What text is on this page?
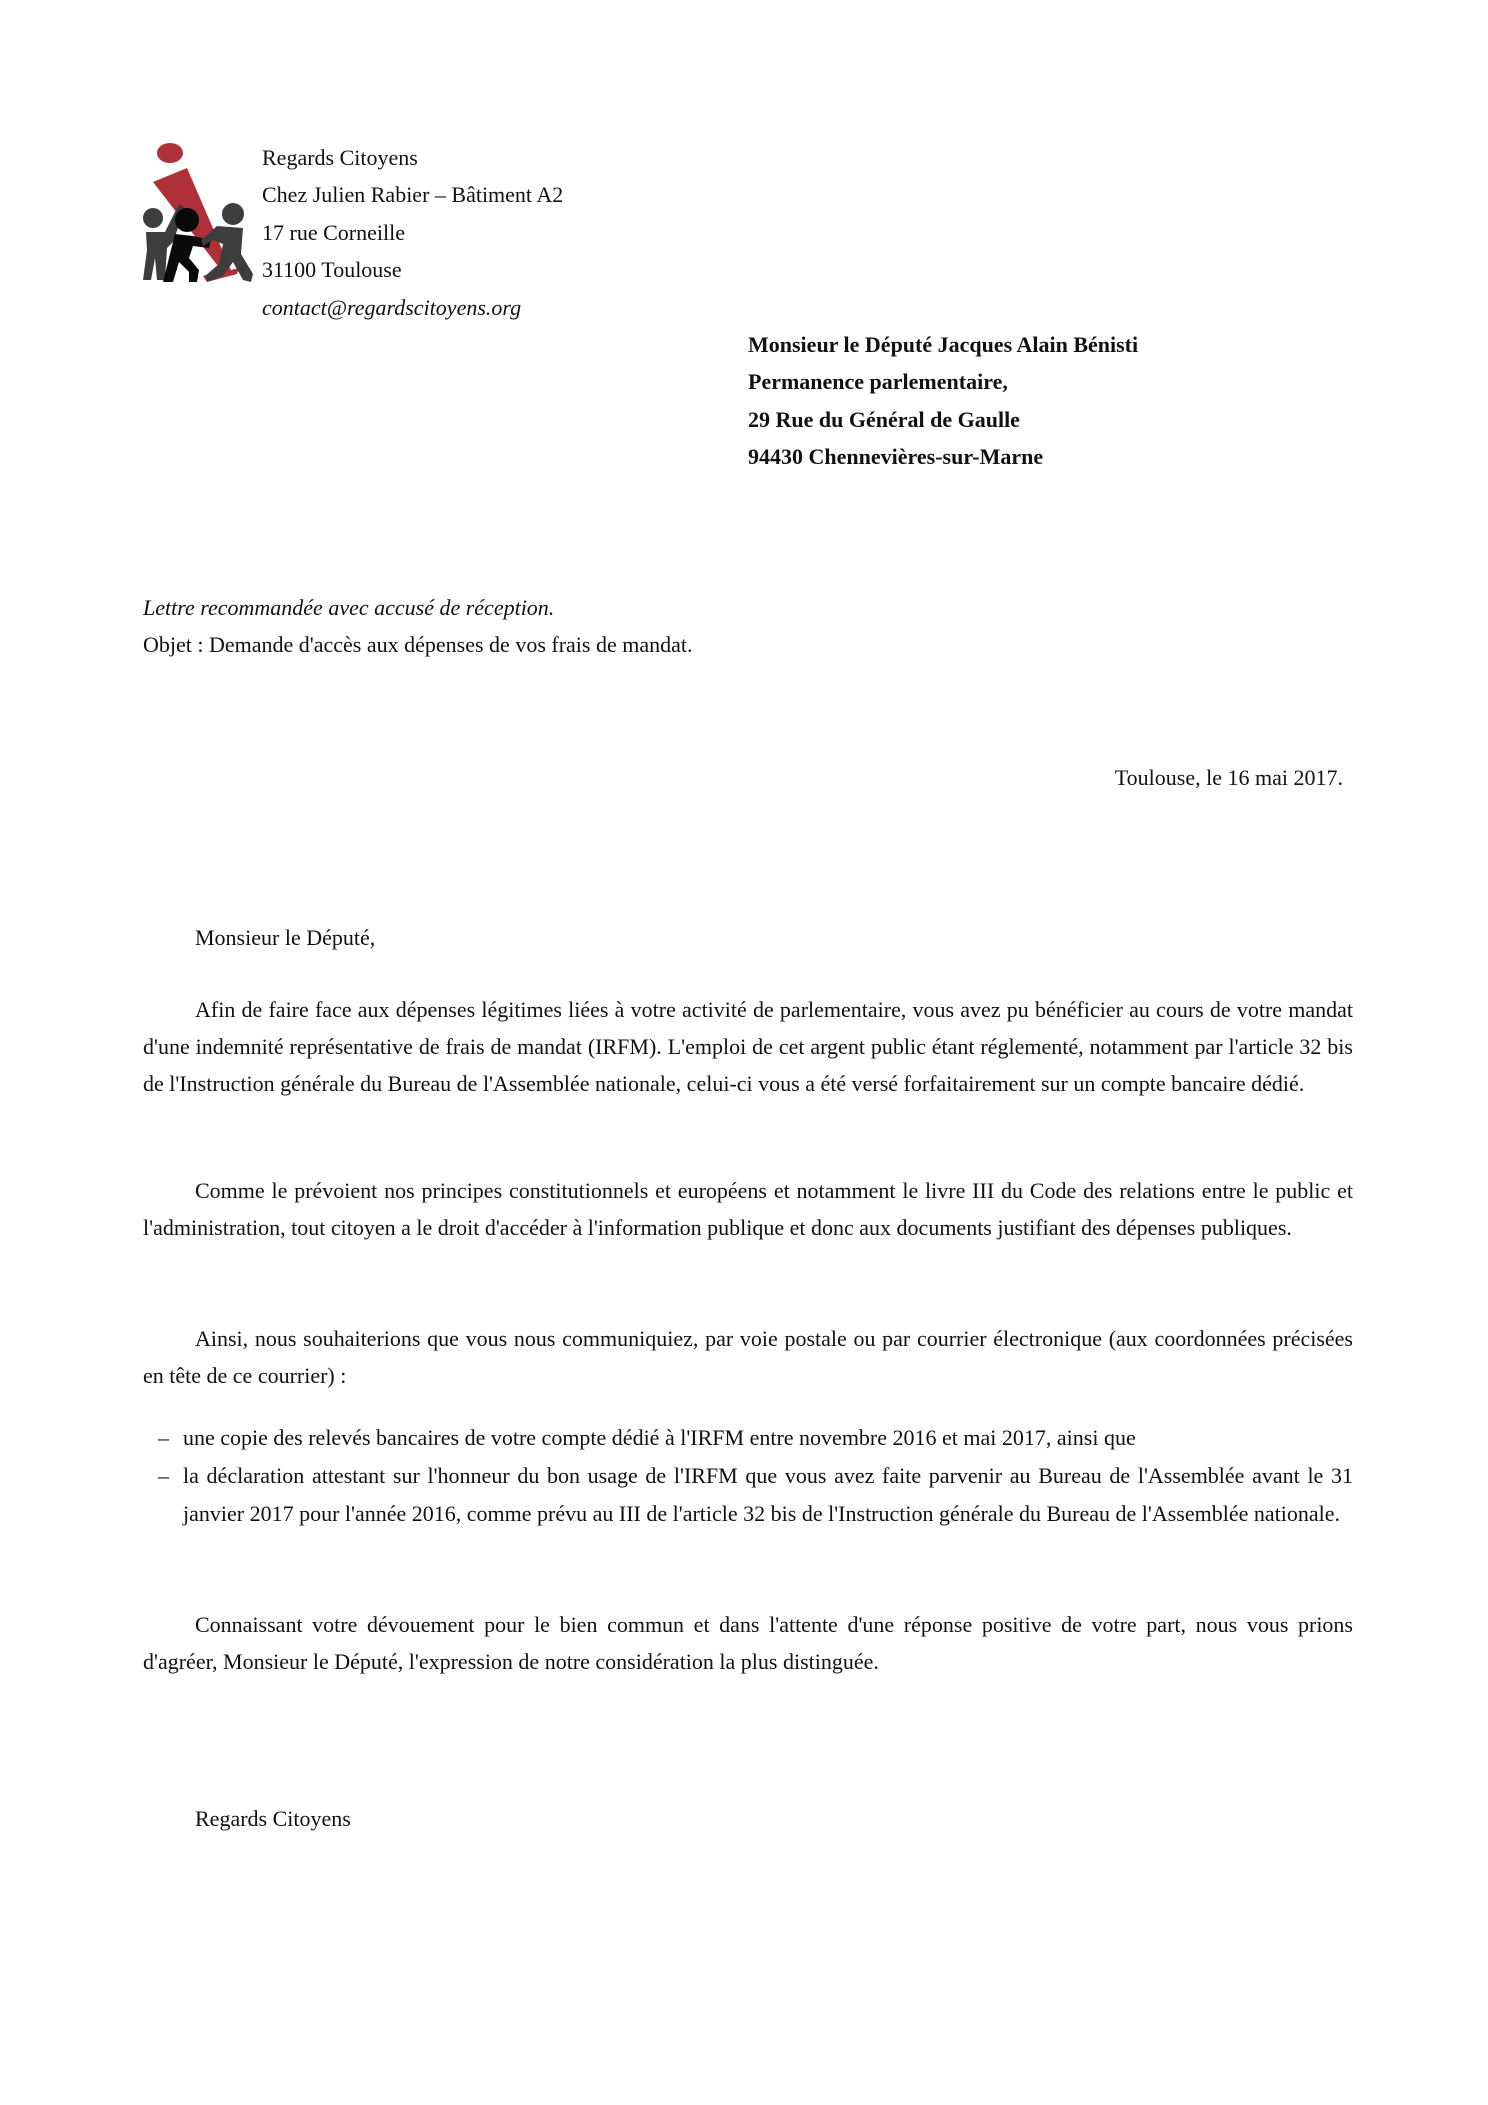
Regards Citoyens
Chez Julien Rabier – Bâtiment A2
17 rue Corneille
31100 Toulouse
contact@regardscitoyens.org
Monsieur le Député Jacques Alain Bénisti
Permanence parlementaire,
29 Rue du Général de Gaulle
94430 Chennevières-sur-Marne
Lettre recommandée avec accusé de réception.
Objet : Demande d'accès aux dépenses de vos frais de mandat.
Toulouse, le 16 mai 2017.
Monsieur le Député,
Afin de faire face aux dépenses légitimes liées à votre activité de parlementaire, vous avez pu bénéficier au cours de votre mandat d'une indemnité représentative de frais de mandat (IRFM). L'emploi de cet argent public étant réglementé, notamment par l'article 32 bis de l'Instruction générale du Bureau de l'Assemblée nationale, celui-ci vous a été versé forfaitairement sur un compte bancaire dédié.
Comme le prévoient nos principes constitutionnels et européens et notamment le livre III du Code des relations entre le public et l'administration, tout citoyen a le droit d'accéder à l'information publique et donc aux documents justifiant des dépenses publiques.
Ainsi, nous souhaiterions que vous nous communiquiez, par voie postale ou par courrier électronique (aux coordonnées précisées en tête de ce courrier) :
– une copie des relevés bancaires de votre compte dédié à l'IRFM entre novembre 2016 et mai 2017, ainsi que
– la déclaration attestant sur l'honneur du bon usage de l'IRFM que vous avez faite parvenir au Bureau de l'Assemblée avant le 31 janvier 2017 pour l'année 2016, comme prévu au III de l'article 32 bis de l'Instruction générale du Bureau de l'Assemblée nationale.
Connaissant votre dévouement pour le bien commun et dans l'attente d'une réponse positive de votre part, nous vous prions d'agréer, Monsieur le Député, l'expression de notre considération la plus distinguée.
Regards Citoyens
